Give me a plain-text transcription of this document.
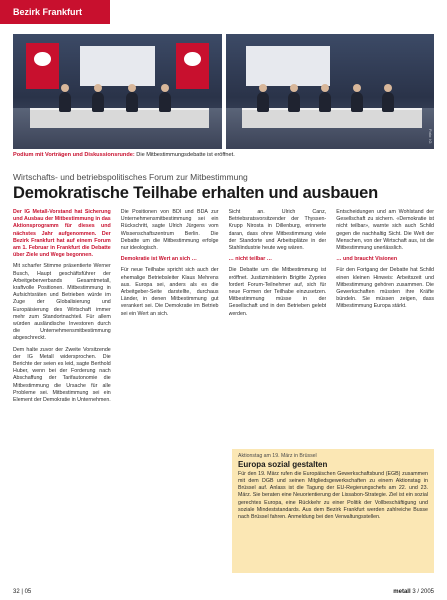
Bezirk Frankfurt
Foto: IG
Podium mit Vorträgen und Diskussionsrunde: Die Mitbestimmungsdebatte ist eröffnet.
Wirtschafts- und betriebspolitisches Forum zur Mitbestimmung
Demokratische Teilhabe erhalten und ausbauen

Der IG Metall-Vorstand hat Sicherung und Ausbau der Mitbestimmung in das Aktionsprogramm für dieses und nächstes Jahr aufgenommen. Der Bezirk Frankfurt hat auf einem Forum am 1. Februar in Frankfurt die Debatte über Ziele und Wege begonnen.

Mit scharfer Stimme präsentierte Werner Busch, Haupt geschäftsführer der Arbeitgeberverbands Gesamtmetall, kraftvolle Positionen. Mitbestimmung in Aufsichtsräten und Betrieben würde im Zuge der Globalisierung und Europäisierung des Wirtschaft immer mehr zum Standortnachteil. Für allem würden ausländische Investoren durch die Unternehmensmitbestimmung abgeschreckt.

Dem halte zuvor der Zweite Vorsitzende der IG Metall widersprochen. Die Berichte der seien es leid, sagte Berthold Huber, wenn bei der Forderung nach Abschaffung der Tarifautonomie die Mitbestimmung die Ursache für alle Probleme sei. Mitbestimmung sei ein Element der Demokratie in Unternehmen.

Die Positionen von BDI und BDA zur Unternehmensmitbestimmung sei ein Rückschritt, sagte Ulrich Jürgens vom Wissenschaftszentrum Berlin. Die Debatte um die Mitbestimmung erfolge nur ideologisch.

Demokratie ist Wert an sich …

Für neue Teilhabe spricht sich auch der ehemalige Betriebsleiter Klaus Mehrens aus. Europa sei, anders als es die Arbeitgeber-Seite darstellte, durchaus Länder, in denen Mitbestimmung gut verankert sei. Die Demokratie im Betrieb sei ein Wert an sich.

Sicht an. Ulrich Canz, Betriebsratsvorsitzender der Thyssen-Krupp Nirosta in Dillenburg, erinnerte daran, dass ohne Mitbestimmung viele der Standorte und Arbeitsplätze in der Stahlindustrie heute weg wären.

… nicht teilbar …

Die Debatte um die Mitbestimmung ist eröffnet. Justizministerin Brigitte Zypries fordert Forum-Teilnehmer auf, sich für neue Formen der Teilhabe einzusetzen. Mitbestimmung müsse in der Gesellschaft und in den Betrieben gelebt werden.

Entscheidungen und am Wohlstand der Gesellschaft zu sichern. «Demokratie ist nicht teilbar», warnte sich auch Schild gegen die nachhaltig Sicht. Die Welt der Menschen, von der Wirtschaft aus, ist die Mitbestimmung unerlässlich.

… und braucht Visionen

Für den Fortgang der Debatte hat Schild einen kleinen Hinweis: Arbeitszeit und Mitbestimmung gehören zusammen. Die Gewerkschaften müssten ihre Kräfte bündeln. Sie müssen zeigen, dass Mitbestimmung Europa stärkt.

Aktionstag am 19. März in Brüssel
Europa sozial gestalten

Für den 19. März rufen die Europäischen Gewerkschaftsbund (EGB) zusammen mit dem DGB und seinen Mitgliedsgewerkschaften zu einem Aktionstag in Brüssel auf. Anlass ist die Tagung der EU-Regierungschefs am 22. und 23. März. Sie beraten eine Neuorientierung der Lissabon-Strategie. Ziel ist ein sozial gerechtes Europa, eine Rückkehr zu einer Politik der Vollbeschäftigung und soziale Mindeststandards. Aus dem Bezirk Frankfurt werden zahlreiche Busse nach Brüssel fahren. Anmeldung bei den Verwaltungsstellen.

32 | 05	metall 3 / 2005
